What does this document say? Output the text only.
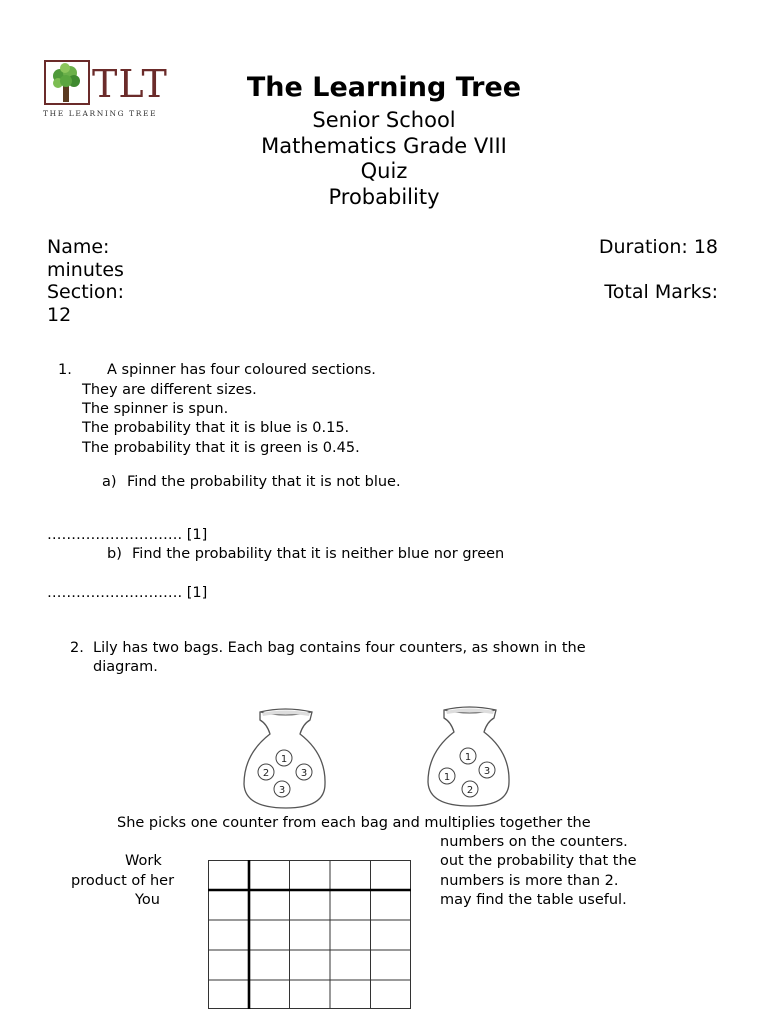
TLT
THE LEARNING TREE
The Learning Tree
Senior School
Mathematics Grade VIII
Quiz
Probability
Name:	Duration: 18
minutes
Section:	Total Marks:
12
1. A spinner has four coloured sections.
They are different sizes.
The spinner is spun.
The probability that it is blue is 0.15.
The probability that it is green is 0.45.
a) Find the probability that it is not blue.
………………………. [1]
b) Find the probability that it is neither blue nor green
………………………. [1]
2. Lily has two bags. Each bag contains four counters, as shown in the
diagram.
1
2	3
3
1
1
3
2
She picks one counter from each bag and multiplies together the
numbers on the counters.
Work	out the probability that the
product of her	numbers is more than 2.
You	may find the table useful.
